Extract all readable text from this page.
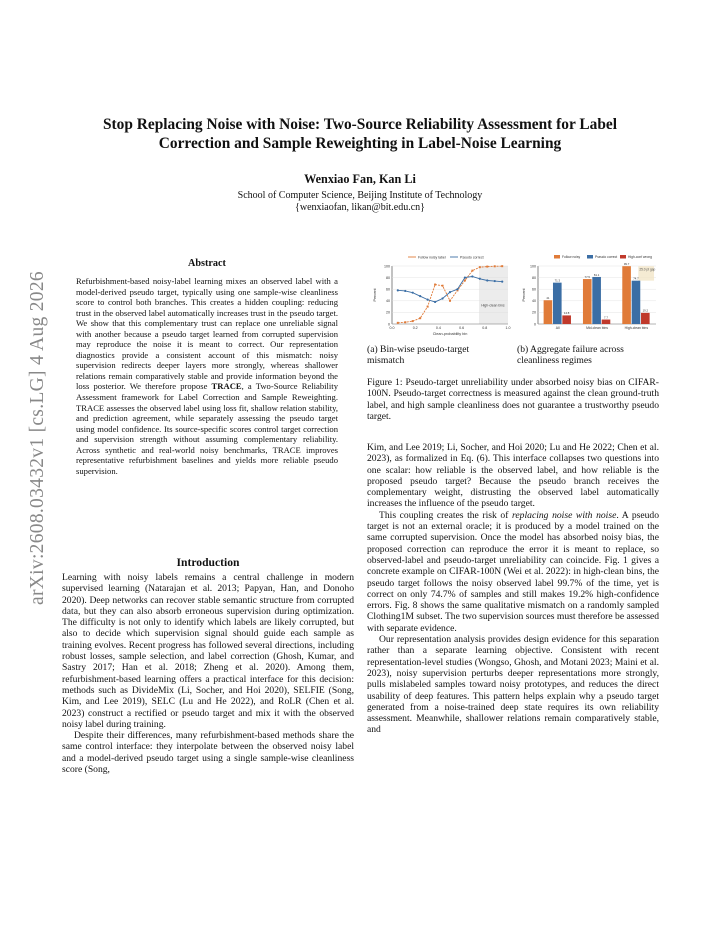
Stop Replacing Noise with Noise: Two-Source Reliability Assessment for Label
Correction and Sample Reweighting in Label-Noise Learning
Wenxiao Fan, Kan Li
School of Computer Science, Beijing Institute of Technology
{wenxiaofan, likan@bit.edu.cn}
arXiv:2608.03432v1 [cs.LG] 4 Aug 2026
Abstract
Refurbishment-based noisy-label learning mixes an observed label with a model-derived pseudo target, typically using one sample-wise cleanliness score to control both branches. This creates a hidden coupling: reducing trust in the observed label automatically increases trust in the pseudo target. We show that this complementary trust can replace one unreliable signal with another because a pseudo target learned from corrupted supervision may reproduce the noise it is meant to correct. Our representation diagnostics provide a consistent account of this mismatch: noisy supervision redirects deeper layers more strongly, whereas shallower relations remain comparatively stable and provide information beyond the loss posterior. We therefore propose TRACE, a Two-Source Reliability Assessment framework for Label Correction and Sample Reweighting. TRACE assesses the observed label using loss fit, shallow relation stability, and prediction agreement, while separately assessing the pseudo target using model confidence. Its source-specific scores control target correction and supervision strength without assuming complementary reliability. Across synthetic and real-world noisy benchmarks, TRACE improves representative refurbishment baselines and yields more reliable pseudo supervision.
Introduction

Learning with noisy labels remains a central challenge in modern supervised learning (Natarajan et al. 2013; Papyan, Han, and Donoho 2020). Deep networks can recover stable semantic structure from corrupted data, but they can also absorb erroneous supervision during optimization. The difficulty is not only to identify which labels are likely corrupted, but also to decide which supervision signal should guide each sample as training evolves. Recent progress has followed several directions, including robust losses, sample selection, and label correction (Ghosh, Kumar, and Sastry 2017; Han et al. 2018; Zheng et al. 2020). Among them, refurbishment-based learning offers a practical interface for this decision: methods such as DivideMix (Li, Socher, and Hoi 2020), SELFIE (Song, Kim, and Lee 2019), SELC (Lu and He 2022), and RoLR (Chen et al. 2023) construct a rectified or pseudo target and mix it with the observed noisy label during training.

Despite their differences, many refurbishment-based methods share the same control interface: they interpolate between the observed noisy label and a model-derived pseudo target using a single sample-wise cleanliness score (Song,

High-clean bins
0
20
40
60
80
100
0.0	0.2	0.4	0.6	0.8	1.0
Clean-probability bin
Percent
Follow noisy label	Pseudo correct
0
20
40
60
80
100
Percent
25.0 pt gap
41
71.3
14.8
All
77.5
81.1
7.7
Mid-clean bins
99.7
74.7
19.2
High-clean bins
Follow noisy	Pseudo correct	High-conf wrong
(a) Bin-wise pseudo-target mismatch
(b) Aggregate failure across cleanliness regimes
Figure 1: Pseudo-target unreliability under absorbed noisy bias on CIFAR-100N. Pseudo-target correctness is measured against the clean ground-truth label, and high sample cleanliness does not guarantee a trustworthy pseudo target.

Kim, and Lee 2019; Li, Socher, and Hoi 2020; Lu and He 2022; Chen et al. 2023), as formalized in Eq. (6). This interface collapses two questions into one scalar: how reliable is the observed label, and how reliable is the proposed pseudo target? Because the pseudo branch receives the complementary weight, distrusting the observed label automatically increases the influence of the pseudo target.

This coupling creates the risk of replacing noise with noise. A pseudo target is not an external oracle; it is produced by a model trained on the same corrupted supervision. Once the model has absorbed noisy bias, the proposed correction can reproduce the error it is meant to replace, so observed-label and pseudo-target unreliability can coincide. Fig. 1 gives a concrete example on CIFAR-100N (Wei et al. 2022): in high-clean bins, the pseudo target follows the noisy observed label 99.7% of the time, yet is correct on only 74.7% of samples and still makes 19.2% high-confidence errors. Fig. 8 shows the same qualitative mismatch on a randomly sampled Clothing1M subset. The two supervision sources must therefore be assessed with separate evidence.

Our representation analysis provides design evidence for this separation rather than a separate learning objective. Consistent with recent representation-level studies (Wongso, Ghosh, and Motani 2023; Maini et al. 2023), noisy supervision perturbs deeper representations more strongly, pulls mislabeled samples toward noisy prototypes, and reduces the direct usability of deep features. This pattern helps explain why a pseudo target generated from a noise-trained deep state requires its own reliability assessment. Meanwhile, shallower relations remain comparatively stable, and
